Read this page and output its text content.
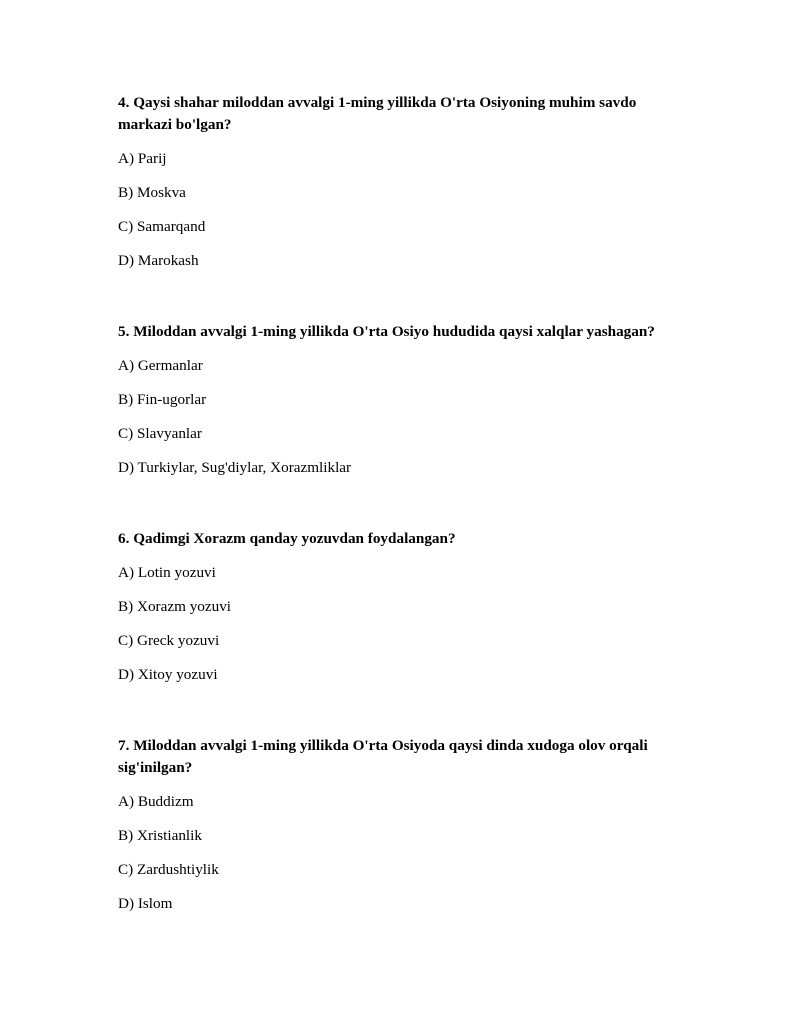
4. Qaysi shahar miloddan avvalgi 1-ming yillikda O'rta Osiyoning muhim savdo markazi bo'lgan?

A) Parij

B) Moskva

C) Samarqand

D) Marokash

5. Miloddan avvalgi 1-ming yillikda O'rta Osiyo hududida qaysi xalqlar yashagan?

A) Germanlar

B) Fin-ugorlar

C) Slavyanlar

D) Turkiylar, Sug'diylar, Xorazmliklar

6. Qadimgi Xorazm qanday yozuvdan foydalangan?

A) Lotin yozuvi

B) Xorazm yozuvi

C) Greck yozuvi

D) Xitoy yozuvi

7. Miloddan avvalgi 1-ming yillikda O'rta Osiyoda qaysi dinda xudoga olov orqali sig'inilgan?

A) Buddizm

B) Xristianlik

C) Zardushtiylik

D) Islom
